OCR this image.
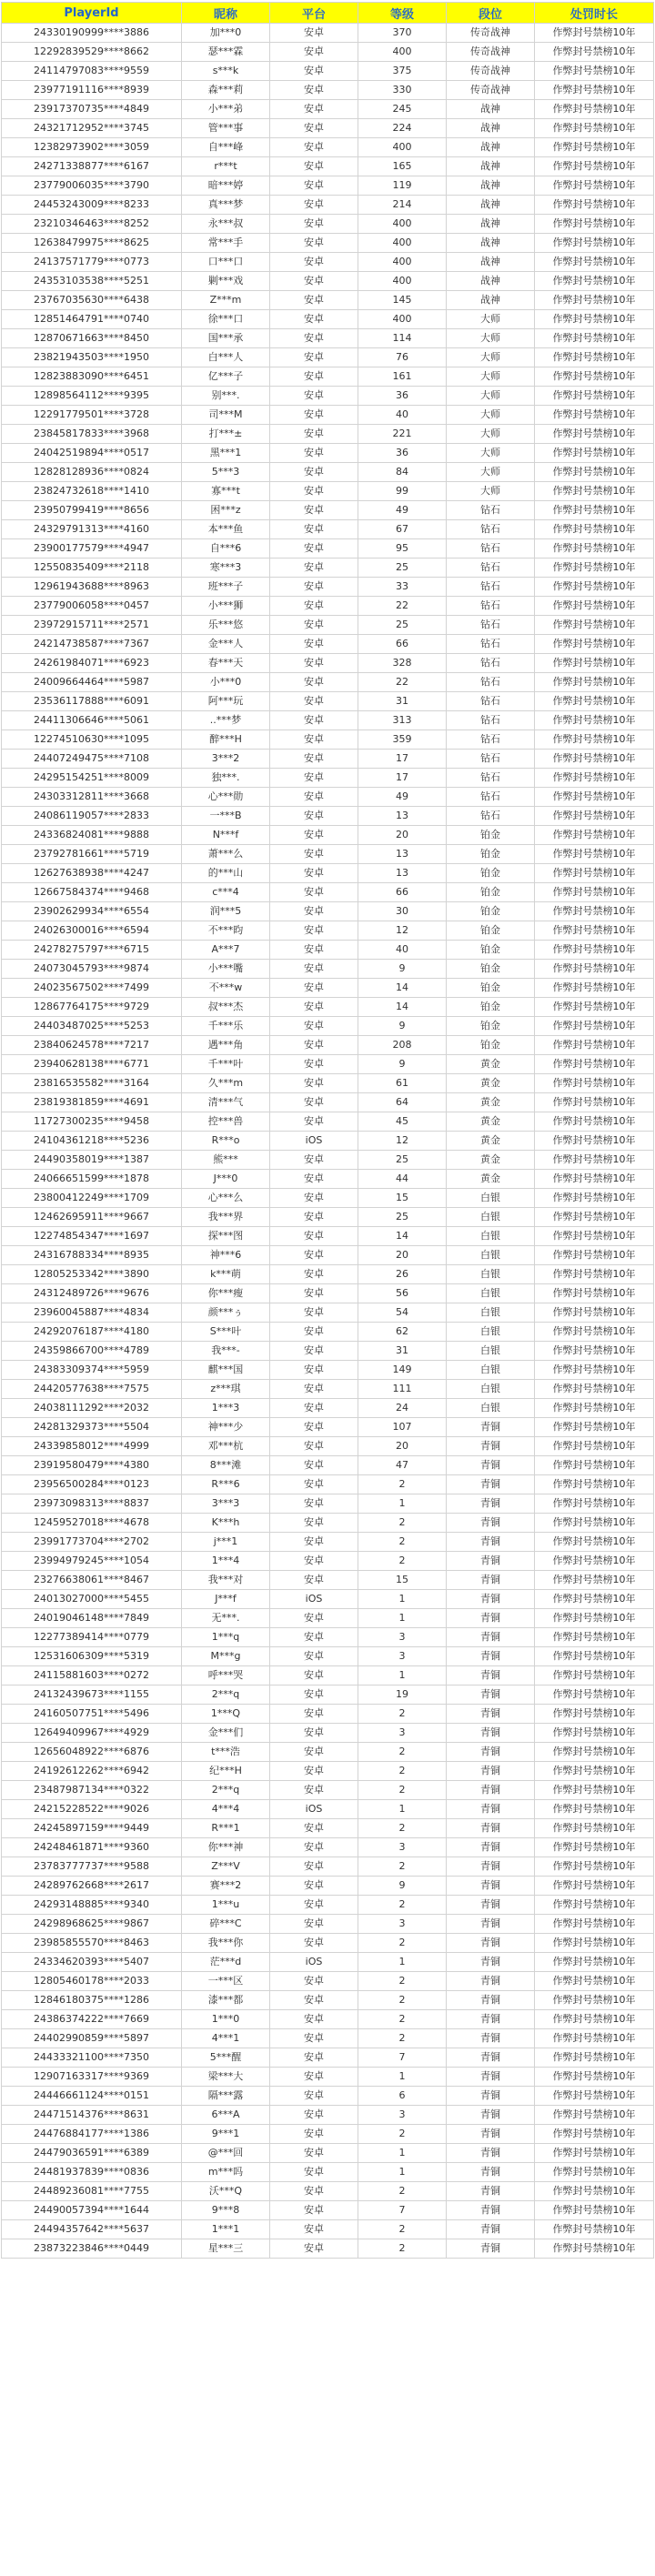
PlayerId	昵称	平台	等级	段位	处罚时长
24330190999****3886	加***0	安卓	370	传奇战神	作弊封号禁榜10年
12292839529****8662	瑟***霖	安卓	400	传奇战神	作弊封号禁榜10年
24114797083****9559	s***k	安卓	375	传奇战神	作弊封号禁榜10年
23977191116****8939	森***莉	安卓	330	传奇战神	作弊封号禁榜10年
23917370735****4849	小***弟	安卓	245	战神	作弊封号禁榜10年
24321712952****3745	管***事	安卓	224	战神	作弊封号禁榜10年
12382973902****3059	自***峰	安卓	400	战神	作弊封号禁榜10年
24271338877****6167	r***t	安卓	165	战神	作弊封号禁榜10年
23779006035****3790	暗***婷	安卓	119	战神	作弊封号禁榜10年
24453243009****8233	真***梦	安卓	214	战神	作弊封号禁榜10年
23210346463****8252	永***叔	安卓	400	战神	作弊封号禁榜10年
12638479975****8625	常***手	安卓	400	战神	作弊封号禁榜10年
24137571779****0773	口***口	安卓	400	战神	作弊封号禁榜10年
24353103538****5251	剿***戏	安卓	400	战神	作弊封号禁榜10年
23767035630****6438	Z***m	安卓	145	战神	作弊封号禁榜10年
12851464791****0740	徐***口	安卓	400	大师	作弊封号禁榜10年
12870671663****8450	国***承	安卓	114	大师	作弊封号禁榜10年
23821943503****1950	白***人	安卓	76	大师	作弊封号禁榜10年
12823883090****6451	亿***子	安卓	161	大师	作弊封号禁榜10年
12898564112****9395	别***.	安卓	36	大师	作弊封号禁榜10年
12291779501****3728	司***M	安卓	40	大师	作弊封号禁榜10年
23845817833****3968	打***±	安卓	221	大师	作弊封号禁榜10年
24042519894****0517	黑***1	安卓	36	大师	作弊封号禁榜10年
12828128936****0824	5***3	安卓	84	大师	作弊封号禁榜10年
23824732618****1410	寡***t	安卓	99	大师	作弊封号禁榜10年
23950799419****8656	困***z	安卓	49	钻石	作弊封号禁榜10年
24329791313****4160	本***鱼	安卓	67	钻石	作弊封号禁榜10年
23900177579****4947	自***6	安卓	95	钻石	作弊封号禁榜10年
12550835409****2118	寒***3	安卓	25	钻石	作弊封号禁榜10年
12961943688****8963	班***子	安卓	33	钻石	作弊封号禁榜10年
23779006058****0457	小***狮	安卓	22	钻石	作弊封号禁榜10年
23972915711****2571	乐***悠	安卓	25	钻石	作弊封号禁榜10年
24214738587****7367	金***人	安卓	66	钻石	作弊封号禁榜10年
24261984071****6923	春***天	安卓	328	钻石	作弊封号禁榜10年
24009664464****5987	小***0	安卓	22	钻石	作弊封号禁榜10年
23536117888****6091	阿***玩	安卓	31	钻石	作弊封号禁榜10年
24411306646****5061	..***梦	安卓	313	钻石	作弊封号禁榜10年
12274510630****1095	醉***H	安卓	359	钻石	作弊封号禁榜10年
24407249475****7108	3***2	安卓	17	钻石	作弊封号禁榜10年
24295154251****8009	独***.	安卓	17	钻石	作弊封号禁榜10年
24303312811****3668	心***勋	安卓	49	钻石	作弊封号禁榜10年
24086119057****2833	一***B	安卓	13	钻石	作弊封号禁榜10年
24336824081****9888	N***f	安卓	20	铂金	作弊封号禁榜10年
23792781661****5719	萧***么	安卓	13	铂金	作弊封号禁榜10年
12627638938****4247	的***山	安卓	13	铂金	作弊封号禁榜10年
12667584374****9468	c***4	安卓	66	铂金	作弊封号禁榜10年
23902629934****6554	润***5	安卓	30	铂金	作弊封号禁榜10年
24026300016****6594	不***昀	安卓	12	铂金	作弊封号禁榜10年
24278275797****6715	A***7	安卓	40	铂金	作弊封号禁榜10年
24073045793****9874	小***嘴	安卓	9	铂金	作弊封号禁榜10年
24023567502****7499	不***w	安卓	14	铂金	作弊封号禁榜10年
12867764175****9729	叔***杰	安卓	14	铂金	作弊封号禁榜10年
24403487025****5253	千***乐	安卓	9	铂金	作弊封号禁榜10年
23840624578****7217	遇***角	安卓	208	铂金	作弊封号禁榜10年
23940628138****6771	千***叶	安卓	9	黄金	作弊封号禁榜10年
23816535582****3164	久***m	安卓	61	黄金	作弊封号禁榜10年
23819381859****4691	清***气	安卓	64	黄金	作弊封号禁榜10年
11727300235****9458	控***兽	安卓	45	黄金	作弊封号禁榜10年
24104361218****5236	R***o	iOS	12	黄金	作弊封号禁榜10年
24490358019****1387	熊***	安卓	25	黄金	作弊封号禁榜10年
24066651599****1878	J***0	安卓	44	黄金	作弊封号禁榜10年
23800412249****1709	心***么	安卓	15	白银	作弊封号禁榜10年
12462695911****9667	我***界	安卓	25	白银	作弊封号禁榜10年
12274854347****1697	探***图	安卓	14	白银	作弊封号禁榜10年
24316788334****8935	神***6	安卓	20	白银	作弊封号禁榜10年
12805253342****3890	k***萌	安卓	26	白银	作弊封号禁榜10年
24312489726****9676	你***瘦	安卓	56	白银	作弊封号禁榜10年
23960045887****4834	颜***ぅ	安卓	54	白银	作弊封号禁榜10年
24292076187****4180	S***叶	安卓	62	白银	作弊封号禁榜10年
24359866700****4789	我***-	安卓	31	白银	作弊封号禁榜10年
24383309374****5959	麒***国	安卓	149	白银	作弊封号禁榜10年
24420577638****7575	z***琪	安卓	111	白银	作弊封号禁榜10年
24038111292****2032	1***3	安卓	24	白银	作弊封号禁榜10年
24281329373****5504	神***少	安卓	107	青铜	作弊封号禁榜10年
24339858012****4999	邓***杭	安卓	20	青铜	作弊封号禁榜10年
23919580479****4380	8***滩	安卓	47	青铜	作弊封号禁榜10年
23956500284****0123	R***6	安卓	2	青铜	作弊封号禁榜10年
23973098313****8837	3***3	安卓	1	青铜	作弊封号禁榜10年
12459527018****4678	K***h	安卓	2	青铜	作弊封号禁榜10年
23991773704****2702	j***1	安卓	2	青铜	作弊封号禁榜10年
23994979245****1054	1***4	安卓	2	青铜	作弊封号禁榜10年
23276638061****8467	我***对	安卓	15	青铜	作弊封号禁榜10年
24013027000****5455	J***f	iOS	1	青铜	作弊封号禁榜10年
24019046148****7849	无***.	安卓	1	青铜	作弊封号禁榜10年
12277389414****0779	1***q	安卓	3	青铜	作弊封号禁榜10年
12531606309****5319	M***g	安卓	3	青铜	作弊封号禁榜10年
24115881603****0272	呼***哭	安卓	1	青铜	作弊封号禁榜10年
24132439673****1155	2***q	安卓	19	青铜	作弊封号禁榜10年
24160507751****5496	1***Q	安卓	2	青铜	作弊封号禁榜10年
12649409967****4929	金***们	安卓	3	青铜	作弊封号禁榜10年
12656048922****6876	t***浩	安卓	2	青铜	作弊封号禁榜10年
24192612262****6942	纪***H	安卓	2	青铜	作弊封号禁榜10年
23487987134****0322	2***q	安卓	2	青铜	作弊封号禁榜10年
24215228522****9026	4***4	iOS	1	青铜	作弊封号禁榜10年
24245897159****9449	R***1	安卓	2	青铜	作弊封号禁榜10年
24248461871****9360	你***神	安卓	3	青铜	作弊封号禁榜10年
23783777737****9588	Z***V	安卓	2	青铜	作弊封号禁榜10年
24289762668****2617	赛***2	安卓	9	青铜	作弊封号禁榜10年
24293148885****9340	1***u	安卓	2	青铜	作弊封号禁榜10年
24298968625****9867	碎***C	安卓	3	青铜	作弊封号禁榜10年
23985855570****8463	我***你	安卓	2	青铜	作弊封号禁榜10年
24334620393****5407	茫***d	iOS	1	青铜	作弊封号禁榜10年
12805460178****2033	一***区	安卓	2	青铜	作弊封号禁榜10年
12846180375****1286	漆***都	安卓	2	青铜	作弊封号禁榜10年
24386374222****7669	1***0	安卓	2	青铜	作弊封号禁榜10年
24402990859****5897	4***1	安卓	2	青铜	作弊封号禁榜10年
24433321100****7350	5***醒	安卓	7	青铜	作弊封号禁榜10年
12907163317****9369	梁***大	安卓	1	青铜	作弊封号禁榜10年
24446661124****0151	隔***露	安卓	6	青铜	作弊封号禁榜10年
24471514376****8631	6***A	安卓	3	青铜	作弊封号禁榜10年
24476884177****1386	9***1	安卓	2	青铜	作弊封号禁榜10年
24479036591****6389	@***回	安卓	1	青铜	作弊封号禁榜10年
24481937839****0836	m***吗	安卓	1	青铜	作弊封号禁榜10年
24489236081****7755	沃***Q	安卓	2	青铜	作弊封号禁榜10年
24490057394****1644	9***8	安卓	7	青铜	作弊封号禁榜10年
24494357642****5637	1***1	安卓	2	青铜	作弊封号禁榜10年
23873223846****0449	星***三	安卓	2	青铜	作弊封号禁榜10年
